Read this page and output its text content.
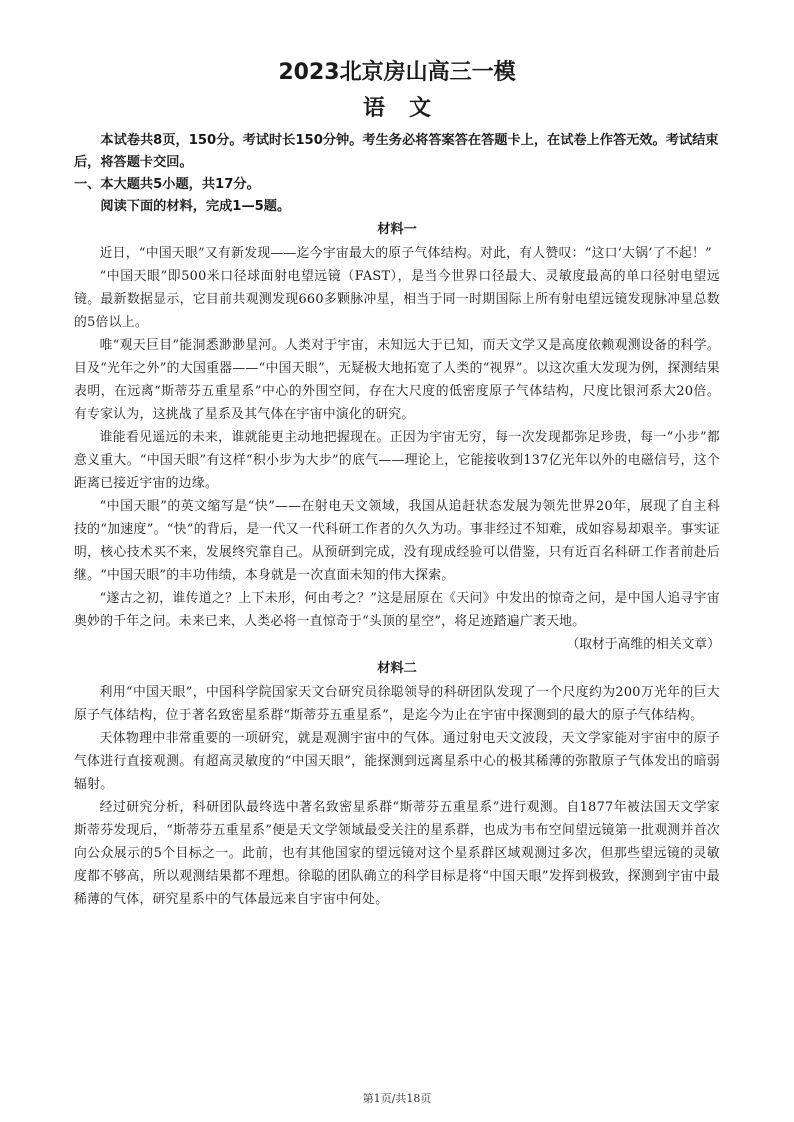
2023北京房山高三一模
语文

本试卷共8页，150分。考试时长150分钟。考生务必将答案答在答题卡上，在试卷上作答无效。考试结束后，将答题卡交回。

一、本大题共5小题，共17分。

阅读下面的材料，完成1—5题。

材料一

近日，“中国天眼”又有新发现——迄今宇宙最大的原子气体结构。对此，有人赞叹：“这口‘大锅’了不起！”

“中国天眼”即500米口径球面射电望远镜（FAST），是当今世界口径最大、灵敏度最高的单口径射电望远镜。最新数据显示，它目前共观测发现660多颗脉冲星，相当于同一时期国际上所有射电望远镜发现脉冲星总数的5倍以上。

唯“观天巨目”能洞悉渺渺星河。人类对于宇宙，未知远大于已知，而天文学又是高度依赖观测设备的科学。目及“光年之外”的大国重器——“中国天眼”，无疑极大地拓宽了人类的“视界”。以这次重大发现为例，探测结果表明，在远离“斯蒂芬五重星系”中心的外围空间，存在大尺度的低密度原子气体结构，尺度比银河系大20倍。有专家认为，这挑战了星系及其气体在宇宙中演化的研究。

谁能看见遥远的未来，谁就能更主动地把握现在。正因为宇宙无穷，每一次发现都弥足珍贵，每一“小步”都意义重大。“中国天眼”有这样“积小步为大步”的底气——理论上，它能接收到137亿光年以外的电磁信号，这个距离已接近宇宙的边缘。

“中国天眼”的英文缩写是“快”——在射电天文领域，我国从追赶状态发展为领先世界20年，展现了自主科技的“加速度”。“快”的背后，是一代又一代科研工作者的久久为功。事非经过不知难，成如容易却艰辛。事实证明，核心技术买不来，发展终究靠自己。从预研到完成，没有现成经验可以借鉴，只有近百名科研工作者前赴后继。“中国天眼”的丰功伟绩，本身就是一次直面未知的伟大探索。

“遂古之初，谁传道之？上下未形，何由考之？”这是屈原在《天问》中发出的惊奇之问，是中国人追寻宇宙奥妙的千年之问。未来已来，人类必将一直惊奇于“头顶的星空”，将足迹踏遍广袤天地。

（取材于高维的相关文章）

材料二

利用“中国天眼”，中国科学院国家天文台研究员徐聪领导的科研团队发现了一个尺度约为200万光年的巨大原子气体结构，位于著名致密星系群“斯蒂芬五重星系”，是迄今为止在宇宙中探测到的最大的原子气体结构。

天体物理中非常重要的一项研究，就是观测宇宙中的气体。通过射电天文波段，天文学家能对宇宙中的原子气体进行直接观测。有超高灵敏度的“中国天眼”，能探测到远离星系中心的极其稀薄的弥散原子气体发出的暗弱辐射。

经过研究分析，科研团队最终选中著名致密星系群“斯蒂芬五重星系”进行观测。自1877年被法国天文学家斯蒂芬发现后，“斯蒂芬五重星系”便是天文学领域最受关注的星系群，也成为韦布空间望远镜第一批观测并首次向公众展示的5个目标之一。此前，也有其他国家的望远镜对这个星系群区域观测过多次，但那些望远镜的灵敏度都不够高，所以观测结果都不理想。徐聪的团队确立的科学目标是将“中国天眼”发挥到极致，探测到宇宙中最稀薄的气体，研究星系中的气体最远来自宇宙中何处。

第1页/共18页
